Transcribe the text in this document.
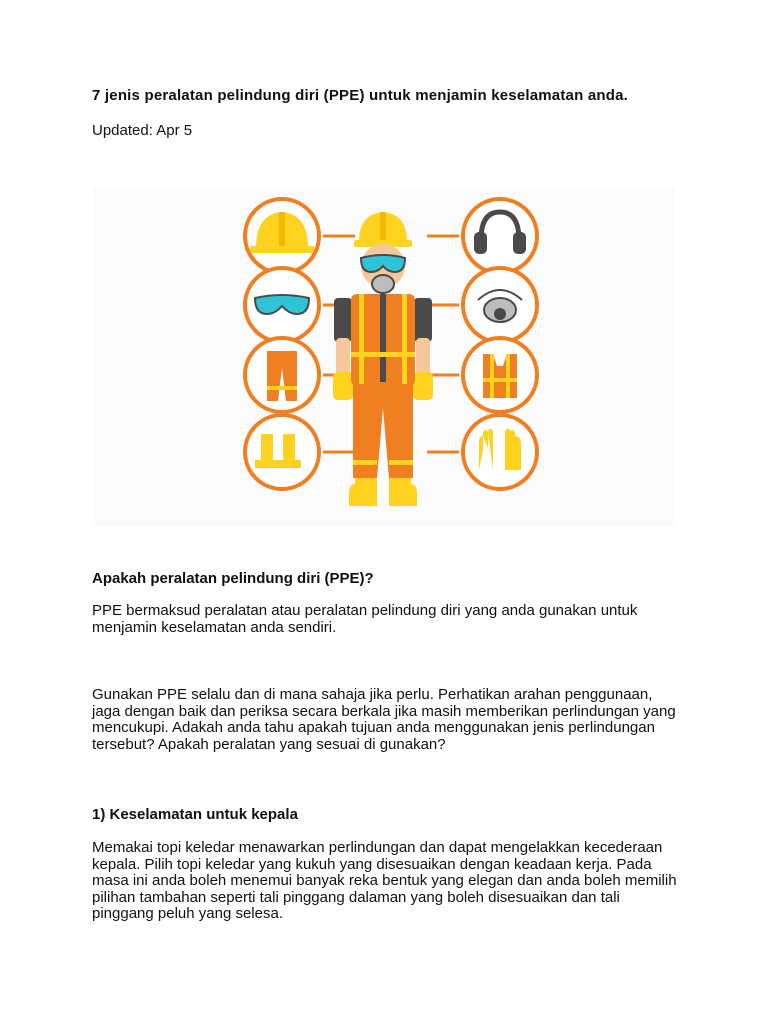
7 jenis peralatan pelindung diri (PPE) untuk menjamin keselamatan anda.
Updated: Apr 5
Apakah peralatan pelindung diri (PPE)?
PPE bermaksud peralatan atau peralatan pelindung diri yang anda gunakan untuk menjamin keselamatan anda sendiri.
Gunakan PPE selalu dan di mana sahaja jika perlu. Perhatikan arahan penggunaan, jaga dengan baik dan periksa secara berkala jika masih memberikan perlindungan yang mencukupi. Adakah anda tahu apakah tujuan anda menggunakan jenis perlindungan tersebut? Apakah peralatan yang sesuai di gunakan?
1) Keselamatan untuk kepala
Memakai topi keledar menawarkan perlindungan dan dapat mengelakkan kecederaan kepala. Pilih topi keledar yang kukuh yang disesuaikan dengan keadaan kerja. Pada masa ini anda boleh menemui banyak reka bentuk yang elegan dan anda boleh memilih pilihan tambahan seperti tali pinggang dalaman yang boleh disesuaikan dan tali pinggang peluh yang selesa.
